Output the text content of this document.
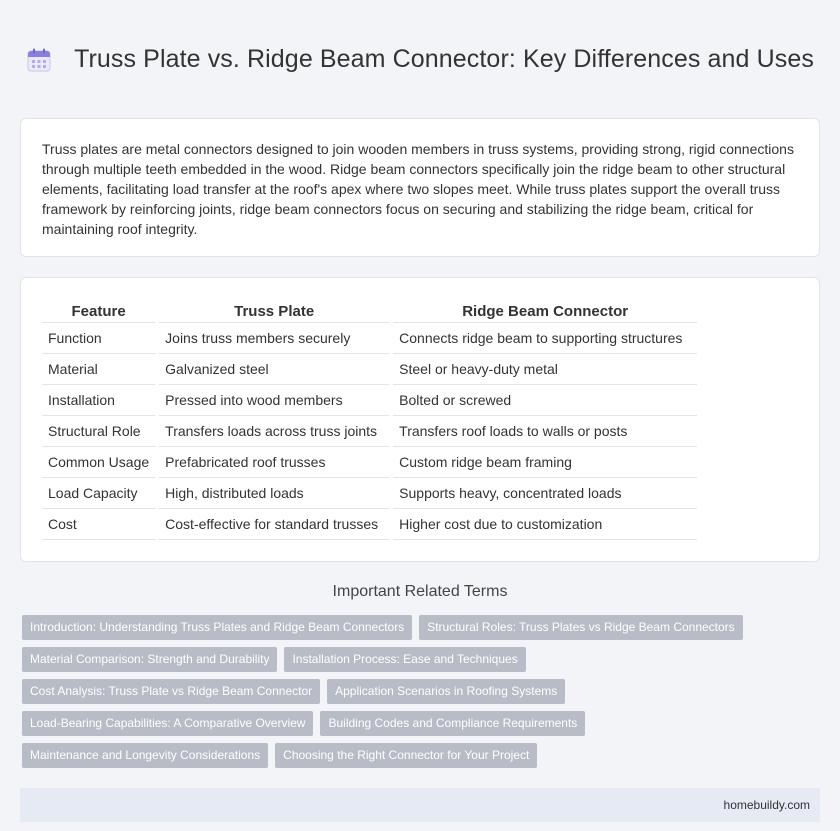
Truss Plate vs. Ridge Beam Connector: Key Differences and Uses

Truss plates are metal connectors designed to join wooden members in truss systems, providing strong, rigid connections through multiple teeth embedded in the wood. Ridge beam connectors specifically join the ridge beam to other structural elements, facilitating load transfer at the roof's apex where two slopes meet. While truss plates support the overall truss framework by reinforcing joints, ridge beam connectors focus on securing and stabilizing the ridge beam, critical for maintaining roof integrity.

Feature	Truss Plate	Ridge Beam Connector
Function	Joins truss members securely	Connects ridge beam to supporting structures
Material	Galvanized steel	Steel or heavy-duty metal
Installation	Pressed into wood members	Bolted or screwed
Structural Role	Transfers loads across truss joints	Transfers roof loads to walls or posts
Common Usage	Prefabricated roof trusses	Custom ridge beam framing
Load Capacity	High, distributed loads	Supports heavy, concentrated loads
Cost	Cost-effective for standard trusses	Higher cost due to customization
Important Related Terms
Introduction: Understanding Truss Plates and Ridge Beam Connectors	Structural Roles: Truss Plates vs Ridge Beam Connectors
Material Comparison: Strength and Durability	Installation Process: Ease and Techniques
Cost Analysis: Truss Plate vs Ridge Beam Connector	Application Scenarios in Roofing Systems
Load-Bearing Capabilities: A Comparative Overview	Building Codes and Compliance Requirements
Maintenance and Longevity Considerations	Choosing the Right Connector for Your Project
homebuildy.com
